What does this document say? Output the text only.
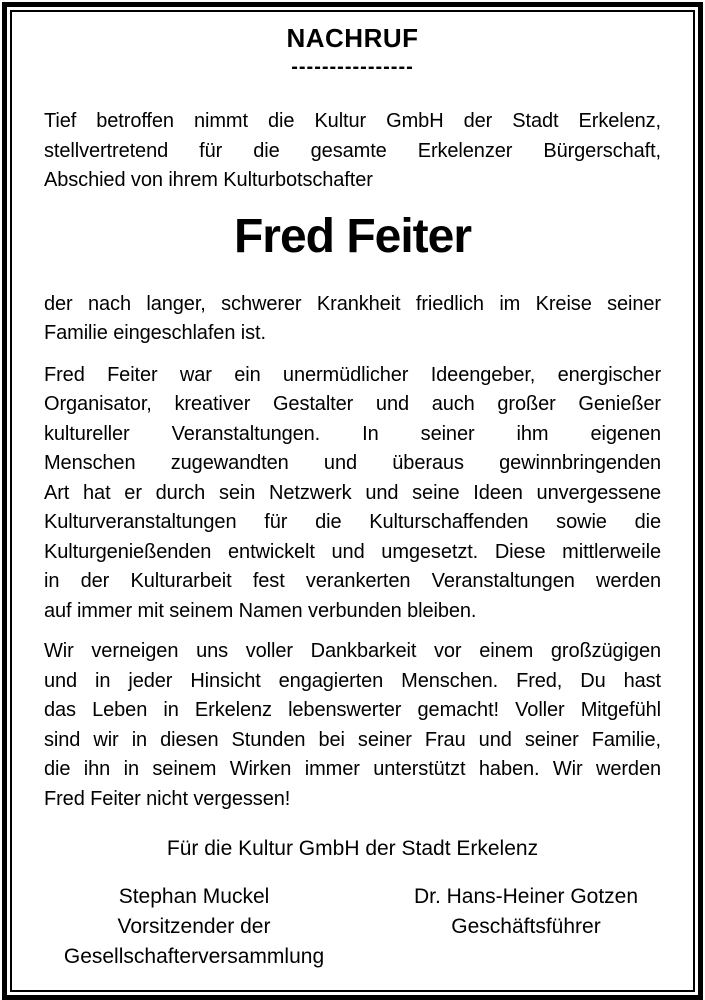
NACHRUF
----------------
Tief betroffen nimmt die Kultur GmbH der Stadt Erkelenz,
stellvertretend für die gesamte Erkelenzer Bürgerschaft,
Abschied von ihrem Kulturbotschafter
Fred Feiter
der nach langer, schwerer Krankheit friedlich im Kreise seiner
Familie eingeschlafen ist.
Fred Feiter war ein unermüdlicher Ideengeber, energischer
Organisator, kreativer Gestalter und auch großer Genießer
kultureller Veranstaltungen. In seiner ihm eigenen
Menschen zugewandten und überaus gewinnbringenden
Art hat er durch sein Netzwerk und seine Ideen unvergessene
Kulturveranstaltungen für die Kulturschaffenden sowie die
Kulturgenießenden entwickelt und umgesetzt. Diese mittlerweile
in der Kulturarbeit fest verankerten Veranstaltungen werden
auf immer mit seinem Namen verbunden bleiben.
Wir verneigen uns voller Dankbarkeit vor einem großzügigen
und in jeder Hinsicht engagierten Menschen. Fred, Du hast
das Leben in Erkelenz lebenswerter gemacht! Voller Mitgefühl
sind wir in diesen Stunden bei seiner Frau und seiner Familie,
die ihn in seinem Wirken immer unterstützt haben. Wir werden
Fred Feiter nicht vergessen!
Für die Kultur GmbH der Stadt Erkelenz
Stephan Muckel
Vorsitzender der
Gesellschafterversammlung
Dr. Hans-Heiner Gotzen
Geschäftsführer
